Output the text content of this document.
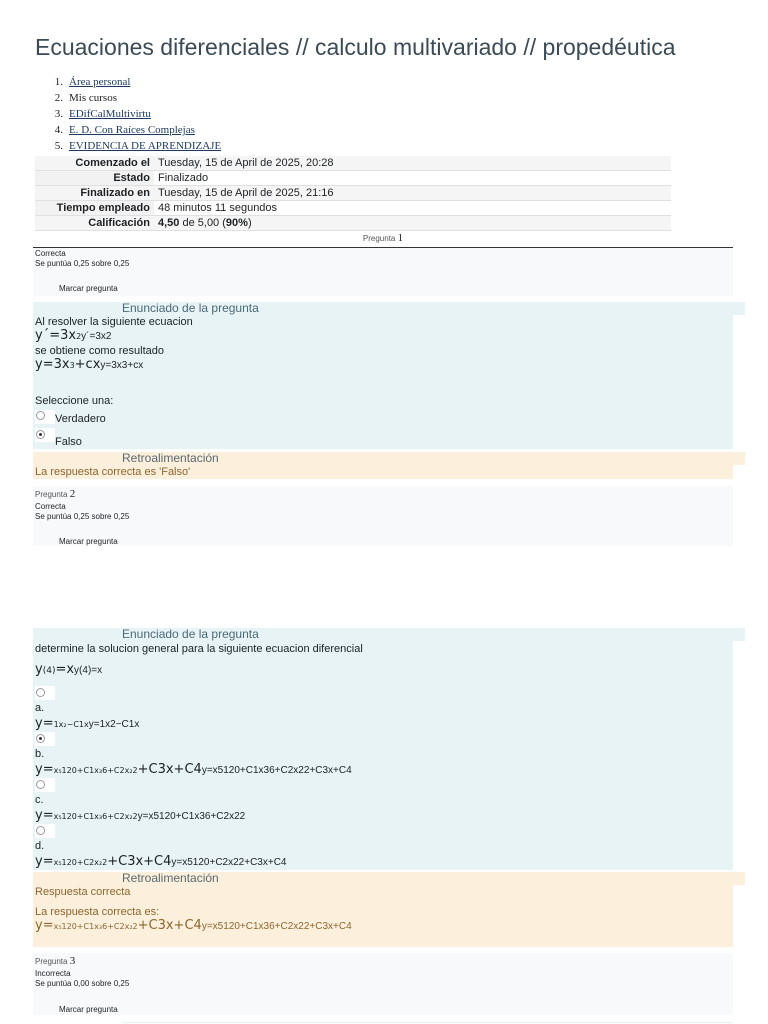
Ecuaciones diferenciales // calculo multivariado // propedéutica
1. Área personal
2. Mis cursos
3. EDifCalMultivirtu
4. E. D. Con Raíces Complejas
5. EVIDENCIA DE APRENDIZAJE
Comenzado el	Tuesday, 15 de April de 2025, 20:28
Estado	Finalizado
Finalizado en	Tuesday, 15 de April de 2025, 21:16
Tiempo empleado	48 minutos 11 segundos
Calificación	4,50 de 5,00 (90%)
Pregunta 1
Correcta
Se puntúa 0,25 sobre 0,25
Marcar pregunta
Enunciado de la pregunta
Al resolver la siguiente ecuacion
y´=3x2y´=3x2
se obtiene como resultado
y=3x3+cxy=3x3+cx
Seleccione una:
Verdadero
Falso
Retroalimentación
La respuesta correcta es 'Falso'
Pregunta 2
Correcta
Se puntúa 0,25 sobre 0,25
Marcar pregunta
Enunciado de la pregunta
determine la solucion general para la siguiente ecuacion diferencial
y(4)=xy(4)=x
a.
y=1x₂−C1xy=1x2−C1x
b.
y=x₅120+C1x₃6+C2x₂2+C3x+C4y=x5120+C1x36+C2x22+C3x+C4
c.
y=x₅120+C1x₃6+C2x₂2y=x5120+C1x36+C2x22
d.
y=x₅120+C2x₂2+C3x+C4y=x5120+C2x22+C3x+C4
Retroalimentación
Respuesta correcta
La respuesta correcta es:
y=x₅120+C1x₃6+C2x₂2+C3x+C4y=x5120+C1x36+C2x22+C3x+C4
Pregunta 3
Incorrecta
Se puntúa 0,00 sobre 0,25
Marcar pregunta
